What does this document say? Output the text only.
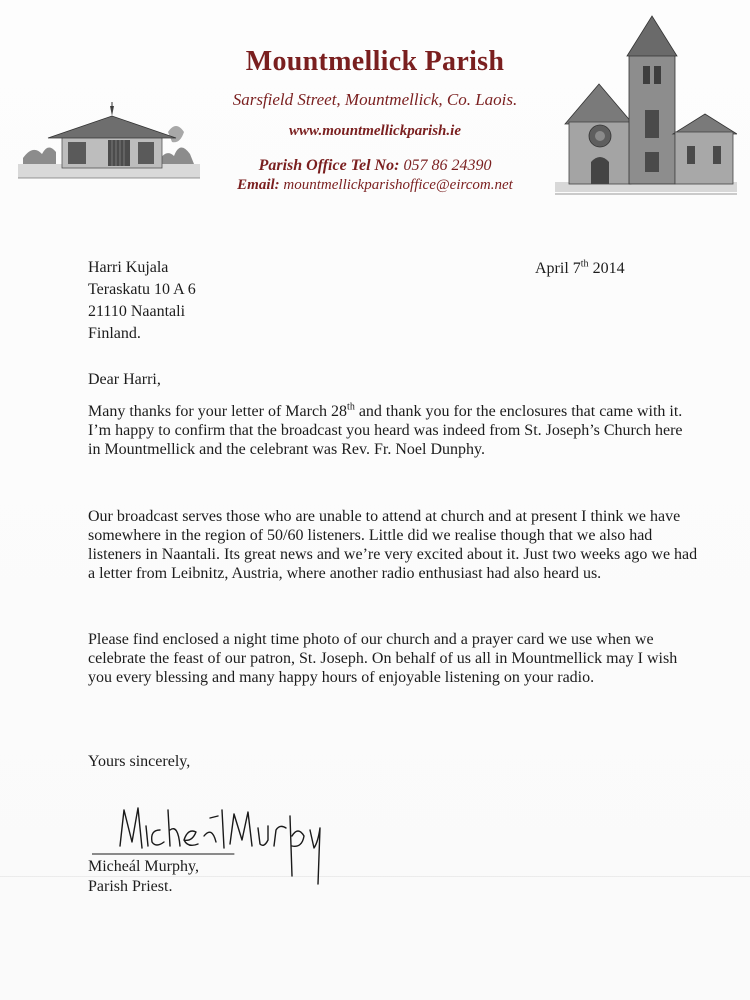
Mountmellick Parish
Sarsfield Street, Mountmellick, Co. Laois.
www.mountmellickparish.ie
Parish Office Tel No: 057 86 24390
Email: mountmellickparishoffice@eircom.net
Harri Kujala
Teraskatu 10 A 6
21110 Naantali
Finland.
April 7th 2014
Dear Harri,
Many thanks for your letter of March 28th and thank you for the enclosures that came with it. I’m happy to confirm that the broadcast you heard was indeed from St. Joseph’s Church here in Mountmellick and the celebrant was Rev. Fr. Noel Dunphy.
Our broadcast serves those who are unable to attend at church and at present I think we have somewhere in the region of 50/60 listeners. Little did we realise though that we also had listeners in Naantali. Its great news and we’re very excited about it. Just two weeks ago we had a letter from Leibnitz, Austria, where another radio enthusiast had also heard us.
Please find enclosed a night time photo of our church and a prayer card we use when we celebrate the feast of our patron, St. Joseph. On behalf of us all in Mountmellick may I wish you every blessing and many happy hours of enjoyable listening on your radio.
Yours sincerely,
Micheál Murphy,
Parish Priest.
